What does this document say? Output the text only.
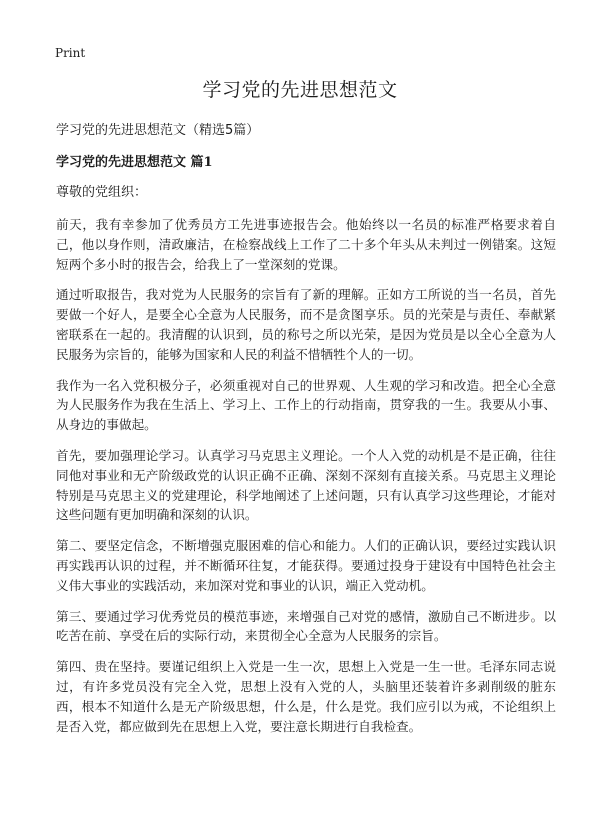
Print
学习党的先进思想范文

学习党的先进思想范文（精选5篇）

学习党的先进思想范文 篇1

尊敬的党组织：

前天，我有幸参加了优秀员方工先进事迹报告会。他始终以一名员的标准严格要求着自己，他以身作则，清政廉洁，在检察战线上工作了二十多个年头从未判过一例错案。这短短两个多小时的报告会，给我上了一堂深刻的党课。

通过听取报告，我对党为人民服务的宗旨有了新的理解。正如方工所说的当一名员，首先要做一个好人，是要全心全意为人民服务，而不是贪图享乐。员的光荣是与责任、奉献紧密联系在一起的。我清醒的认识到，员的称号之所以光荣，是因为党员是以全心全意为人民服务为宗旨的，能够为国家和人民的利益不惜牺牲个人的一切。

我作为一名入党积极分子，必须重视对自己的世界观、人生观的学习和改造。把全心全意为人民服务作为我在生活上、学习上、工作上的行动指南，贯穿我的一生。我要从小事、从身边的事做起。

首先，要加强理论学习。认真学习马克思主义理论。一个人入党的动机是不是正确，往往同他对事业和无产阶级政党的认识正确不正确、深刻不深刻有直接关系。马克思主义理论特别是马克思主义的党建理论，科学地阐述了上述问题，只有认真学习这些理论，才能对这些问题有更加明确和深刻的认识。

第二、要坚定信念，不断增强克服困难的信心和能力。人们的正确认识，要经过实践认识再实践再认识的过程，并不断循环往复，才能获得。要通过投身于建设有中国特色社会主义伟大事业的实践活动，来加深对党和事业的认识，端正入党动机。

第三、要通过学习优秀党员的模范事迹，来增强自己对党的感情，激励自己不断进步。以吃苦在前、享受在后的实际行动，来贯彻全心全意为人民服务的宗旨。

第四、贵在坚持。要谨记组织上入党是一生一次，思想上入党是一生一世。毛泽东同志说过，有许多党员没有完全入党，思想上没有入党的人，头脑里还装着许多剥削级的脏东西，根本不知道什么是无产阶级思想，什么是，什么是党。我们应引以为戒，不论组织上是否入党，都应做到先在思想上入党，要注意长期进行自我检查。
